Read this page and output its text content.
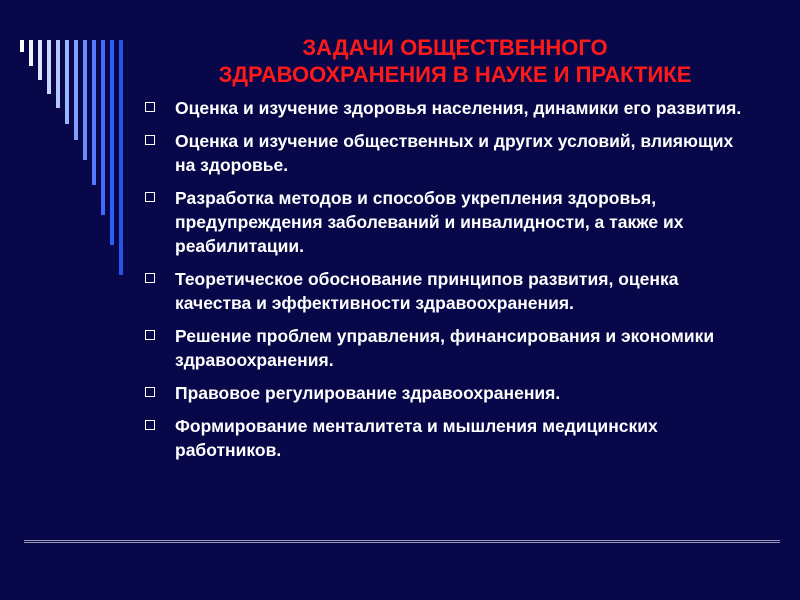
ЗАДАЧИ ОБЩЕСТВЕННОГО
ЗДРАВООХРАНЕНИЯ В НАУКЕ И ПРАКТИКЕ
Оценка и изучение здоровья населения, динамики его развития.
Оценка и изучение общественных и других условий, влияющих на здоровье.
Разработка методов и способов укрепления здоровья, предупреждения заболеваний и инвалидности, а также их реабилитации.
Теоретическое обоснование принципов развития, оценка качества и эффективности здравоохранения.
Решение проблем управления, финансирования и экономики здравоохранения.
Правовое регулирование здравоохранения.
Формирование менталитета и мышления медицинских работников.
